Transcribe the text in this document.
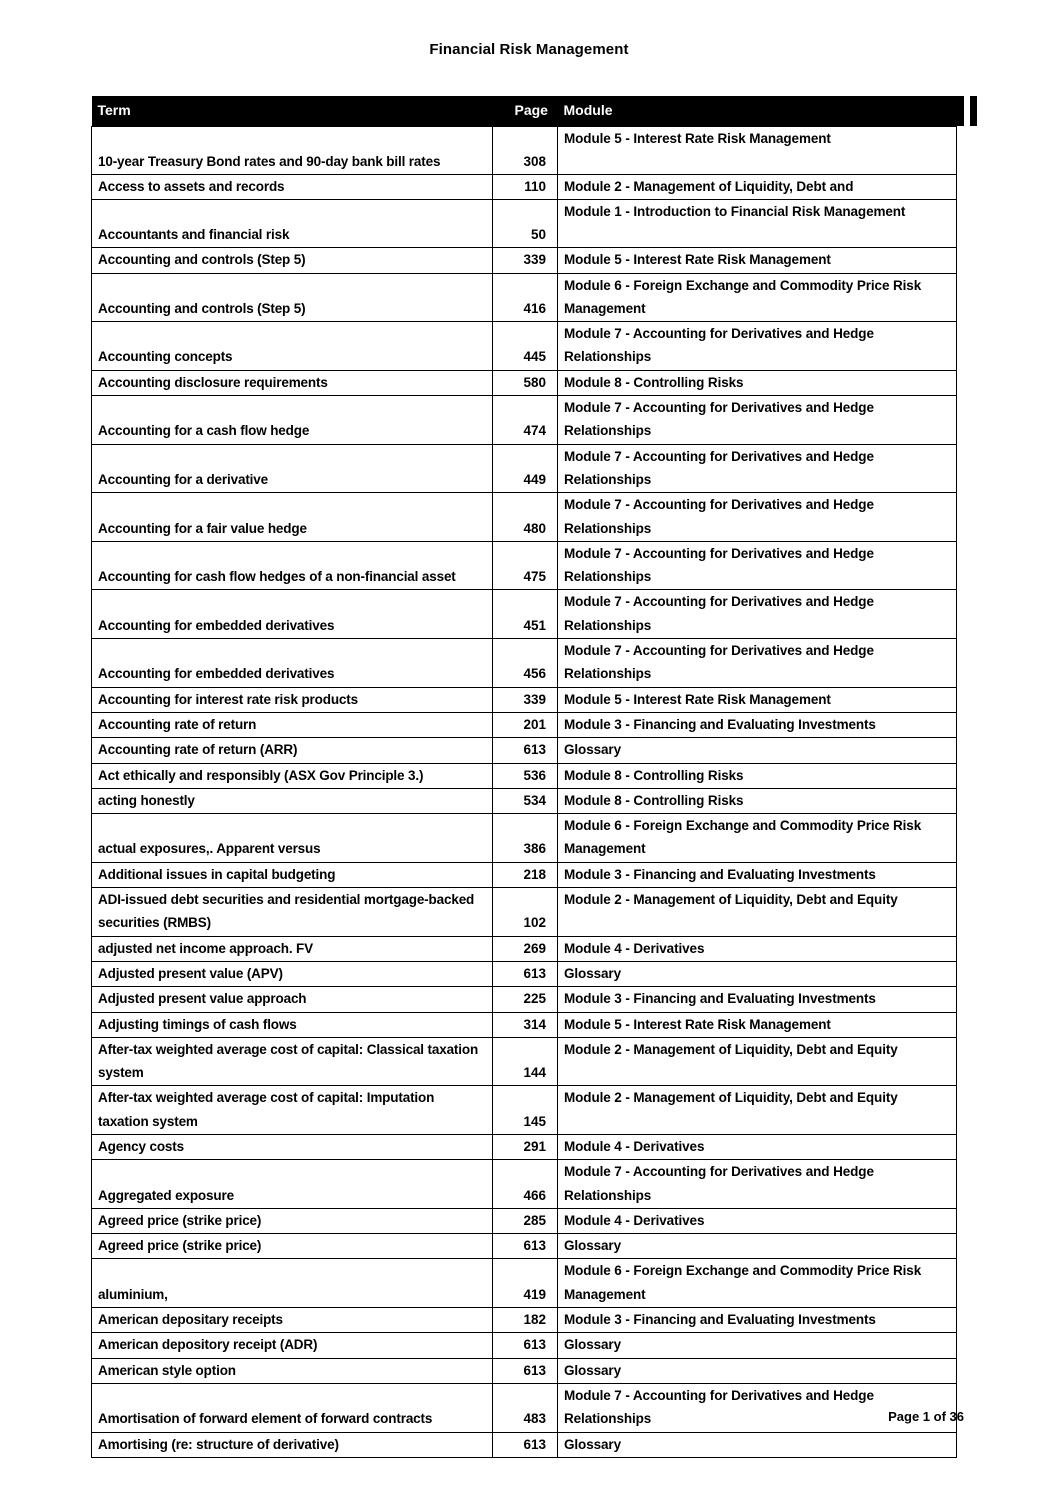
Financial Risk Management
Term	Page	Module

10-year Treasury Bond rates and 90-day bank bill rates	308	Module 5 - Interest Rate Risk Management
Access to assets and records	110	Module 2 - Management of Liquidity, Debt and
Accountants and financial risk	50	Module 1 - Introduction to Financial Risk Management
Accounting and controls (Step 5)	339	Module 5 - Interest Rate Risk Management
Accounting and controls (Step 5)	416	Module 6 - Foreign Exchange and Commodity Price Risk Management
Accounting concepts	445	Module 7 - Accounting for Derivatives and Hedge Relationships
Accounting disclosure requirements	580	Module 8 - Controlling Risks
Accounting for a cash flow hedge	474	Module 7 - Accounting for Derivatives and Hedge Relationships
Accounting for a derivative	449	Module 7 - Accounting for Derivatives and Hedge Relationships
Accounting for a fair value hedge	480	Module 7 - Accounting for Derivatives and Hedge Relationships
Accounting for cash flow hedges of a non-financial asset	475	Module 7 - Accounting for Derivatives and Hedge Relationships
Accounting for embedded derivatives	451	Module 7 - Accounting for Derivatives and Hedge Relationships
Accounting for embedded derivatives	456	Module 7 - Accounting for Derivatives and Hedge Relationships
Accounting for interest rate risk products	339	Module 5 - Interest Rate Risk Management
Accounting rate of return	201	Module 3 - Financing and Evaluating Investments
Accounting rate of return (ARR)	613	Glossary
Act ethically and responsibly (ASX Gov Principle 3.)	536	Module 8 - Controlling Risks
acting honestly	534	Module 8 - Controlling Risks
actual exposures,. Apparent versus	386	Module 6 - Foreign Exchange and Commodity Price Risk Management
Additional issues in capital budgeting	218	Module 3 - Financing and Evaluating Investments
ADI-issued debt securities and residential mortgage-backed securities (RMBS)	102	Module 2 - Management of Liquidity, Debt and Equity
adjusted net income approach. FV	269	Module 4 - Derivatives
Adjusted present value (APV)	613	Glossary
Adjusted present value approach	225	Module 3 - Financing and Evaluating Investments
Adjusting timings of cash flows	314	Module 5 - Interest Rate Risk Management
After-tax weighted average cost of capital: Classical taxation system	144	Module 2 - Management of Liquidity, Debt and Equity
After-tax weighted average cost of capital: Imputation taxation system	145	Module 2 - Management of Liquidity, Debt and Equity
Agency costs	291	Module 4 - Derivatives
Aggregated exposure	466	Module 7 - Accounting for Derivatives and Hedge Relationships
Agreed price (strike price)	285	Module 4 - Derivatives
Agreed price (strike price)	613	Glossary
aluminium,	419	Module 6 - Foreign Exchange and Commodity Price Risk Management
American depositary receipts	182	Module 3 - Financing and Evaluating Investments
American depository receipt (ADR)	613	Glossary
American style option	613	Glossary
Amortisation of forward element of forward contracts	483	Module 7 - Accounting for Derivatives and Hedge Relationships
Amortising (re: structure of derivative)	613	Glossary
Page 1 of 36
